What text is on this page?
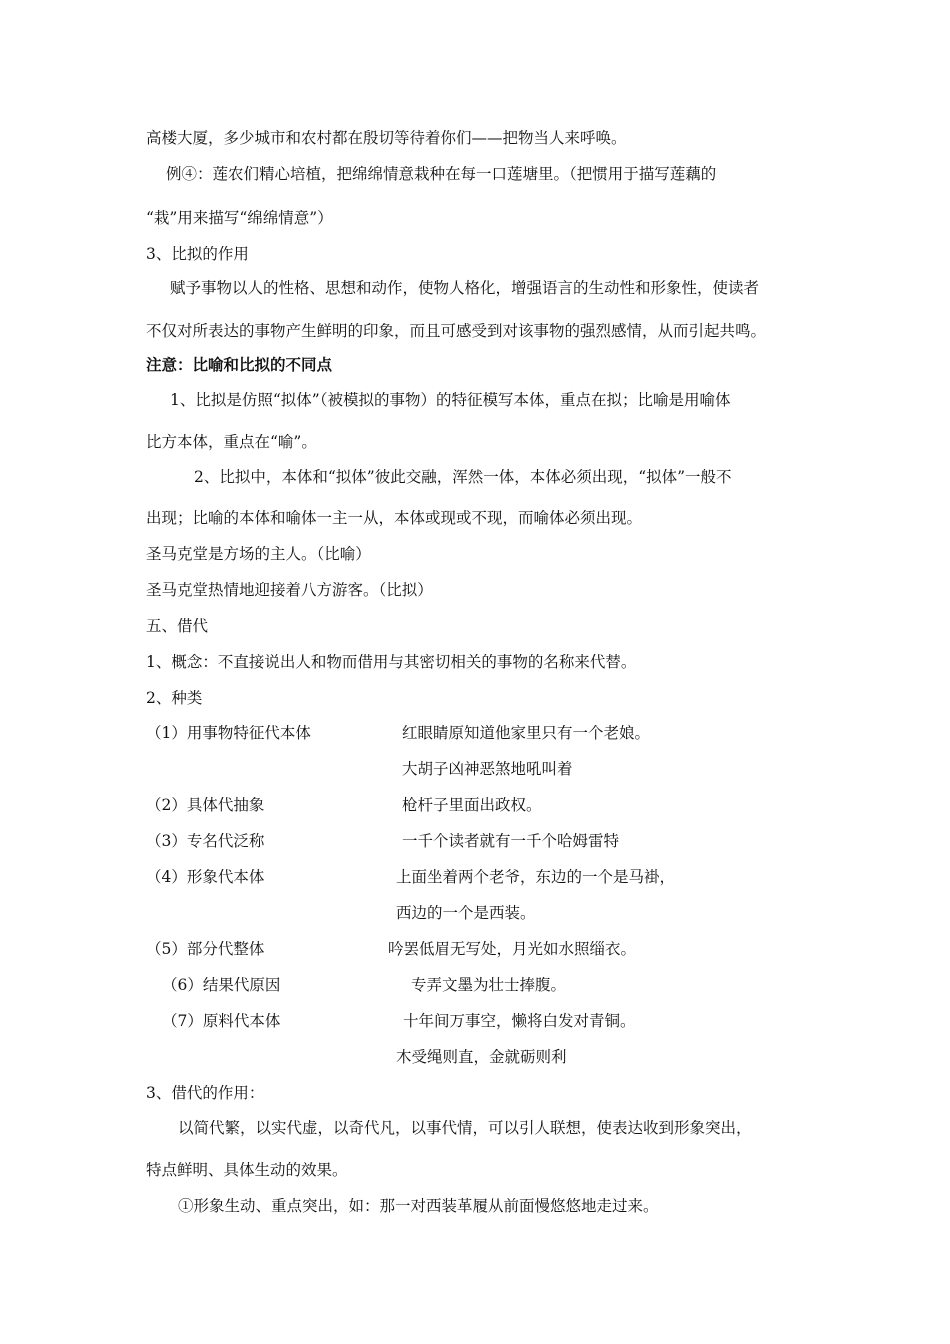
高楼大厦，多少城市和农村都在殷切等待着你们——把物当人来呼唤。
例④：莲农们精心培植，把绵绵情意栽种在每一口莲塘里。（把惯用于描写莲藕的
“栽”用来描写“绵绵情意”）
3、比拟的作用
赋予事物以人的性格、思想和动作，使物人格化，增强语言的生动性和形象性，使读者
不仅对所表达的事物产生鲜明的印象，而且可感受到对该事物的强烈感情，从而引起共鸣。
注意：比喻和比拟的不同点
1、比拟是仿照“拟体”（被模拟的事物）的特征模写本体，重点在拟；比喻是用喻体
比方本体，重点在“喻”。
2、比拟中，本体和“拟体”彼此交融，浑然一体，本体必须出现，“拟体”一般不
出现；比喻的本体和喻体一主一从，本体或现或不现，而喻体必须出现。
圣马克堂是方场的主人。（比喻）
圣马克堂热情地迎接着八方游客。（比拟）
五、借代
1、概念：不直接说出人和物而借用与其密切相关的事物的名称来代替。
2、种类
（1）用事物特征代本体	红眼睛原知道他家里只有一个老娘。
大胡子凶神恶煞地吼叫着
（2）具体代抽象	枪杆子里面出政权。
（3）专名代泛称	一千个读者就有一千个哈姆雷特
（4）形象代本体	上面坐着两个老爷，东边的一个是马褂，
西边的一个是西装。
（5）部分代整体	吟罢低眉无写处，月光如水照缁衣。
（6）结果代原因	专弄文墨为壮士捧腹。
（7）原料代本体	十年间万事空，懒将白发对青铜。
木受绳则直，金就砺则利
3、借代的作用：
以简代繁，以实代虚，以奇代凡，以事代情，可以引人联想，使表达收到形象突出，
特点鲜明、具体生动的效果。
①形象生动、重点突出，如：那一对西装革履从前面慢悠悠地走过来。
